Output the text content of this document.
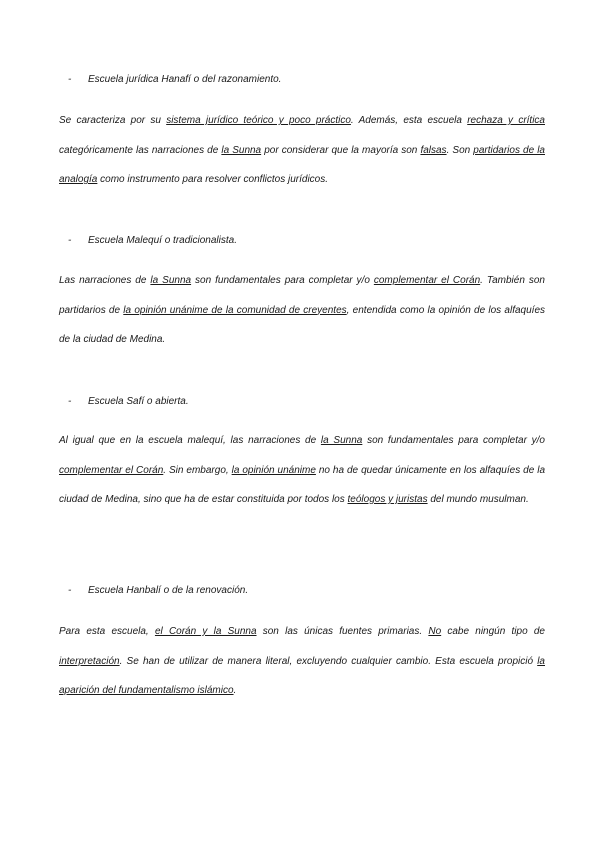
- Escuela jurídica Hanafí o del razonamiento.
Se caracteriza por su sistema jurídico teórico y poco práctico. Además, esta escuela rechaza y crítica categóricamente las narraciones de la Sunna por considerar que la mayoría son falsas. Son partidarios de la analogía como instrumento para resolver conflictos jurídicos.
- Escuela Malequí o tradicionalista.
Las narraciones de la Sunna son fundamentales para completar y/o complementar el Corán. También son partidarios de la opinión unánime de la comunidad de creyentes, entendida como la opinión de los alfaquíes de la ciudad de Medina.
- Escuela Safí o abierta.
Al igual que en la escuela malequí, las narraciones de la Sunna son fundamentales para completar y/o complementar el Corán. Sin embargo, la opinión unánime no ha de quedar únicamente en los alfaquíes de la ciudad de Medina, sino que ha de estar constituida por todos los teólogos y juristas del mundo musulman.
- Escuela Hanbalí o de la renovación.
Para esta escuela, el Corán y la Sunna son las únicas fuentes primarias. No cabe ningún tipo de interpretación. Se han de utilizar de manera literal, excluyendo cualquier cambio. Esta escuela propició la aparición del fundamentalismo islámico.
